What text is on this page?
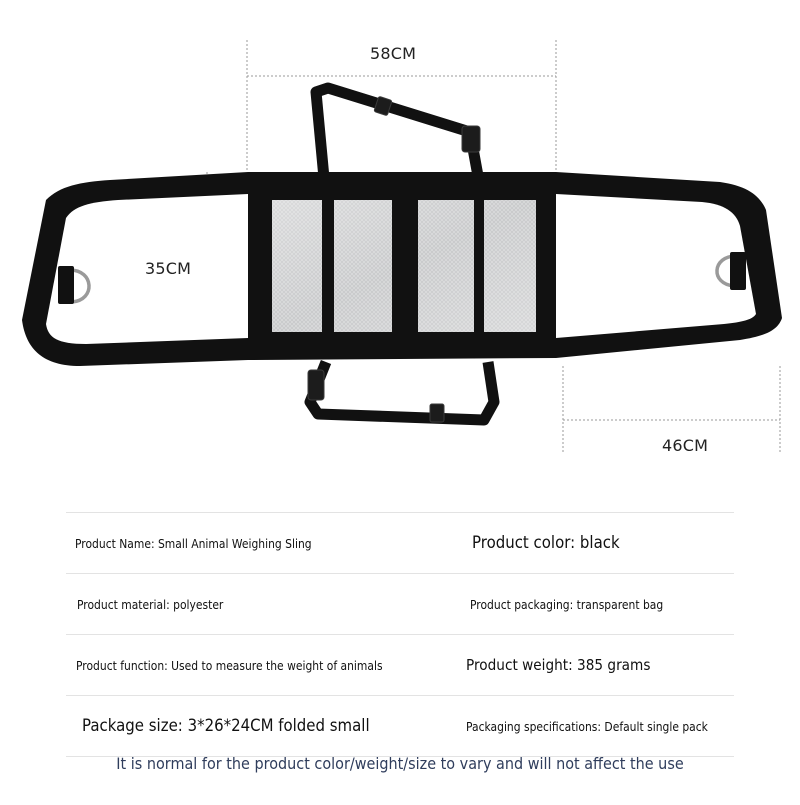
58CM
35CM
46CM
Product Name: Small Animal Weighing Sling	Product color: black
Product material: polyester	Product packaging: transparent bag
Product function: Used to measure the weight of animals	Product weight: 385 grams
Package size: 3*26*24CM folded small	Packaging specifications: Default single pack
It is normal for the product color/weight/size to vary and will not affect the use
